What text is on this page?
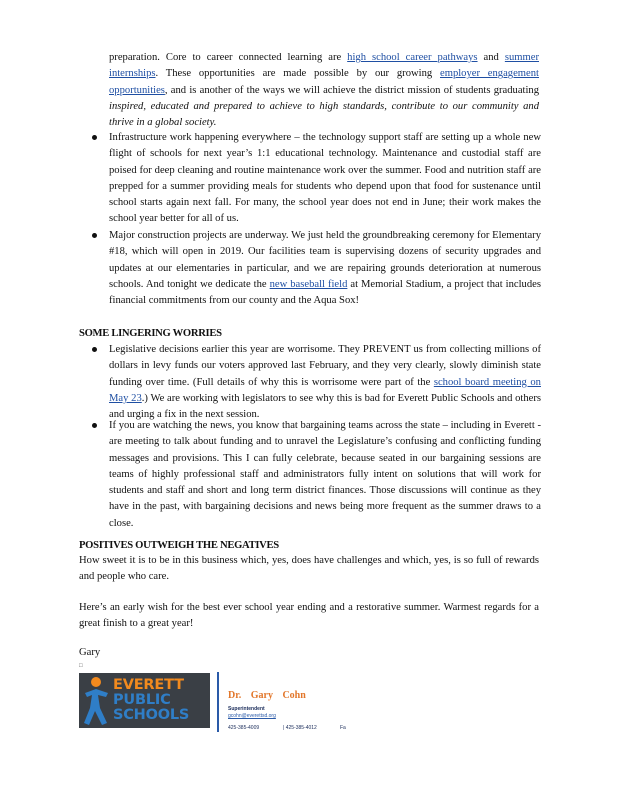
preparation. Core to career connected learning are high school career pathways and summer internships. These opportunities are made possible by our growing employer engagement opportunities, and is another of the ways we will achieve the district mission of students graduating inspired, educated and prepared to achieve to high standards, contribute to our community and thrive in a global society.

Infrastructure work happening everywhere – the technology support staff are setting up a whole new flight of schools for next year’s 1:1 educational technology. Maintenance and custodial staff are poised for deep cleaning and routine maintenance work over the summer. Food and nutrition staff are prepped for a summer providing meals for students who depend upon that food for sustenance until school starts again next fall. For many, the school year does not end in June; their work makes the school year better for all of us.

Major construction projects are underway. We just held the groundbreaking ceremony for Elementary #18, which will open in 2019. Our facilities team is supervising dozens of security upgrades and updates at our elementaries in particular, and we are repairing grounds deterioration at numerous schools. And tonight we dedicate the new baseball field at Memorial Stadium, a project that includes financial commitments from our county and the Aqua Sox!

SOME LINGERING WORRIES

Legislative decisions earlier this year are worrisome. They PREVENT us from collecting millions of dollars in levy funds our voters approved last February, and they very clearly, slowly diminish state funding over time. (Full details of why this is worrisome were part of the school board meeting on May 23.) We are working with legislators to see why this is bad for Everett Public Schools and others and urging a fix in the next session.

If you are watching the news, you know that bargaining teams across the state – including in Everett - are meeting to talk about funding and to unravel the Legislature’s confusing and conflicting funding messages and provisions. This I can fully celebrate, because seated in our bargaining sessions are teams of highly professional staff and administrators fully intent on solutions that will work for students and staff and short and long term district finances. Those discussions will continue as they have in the past, with bargaining decisions and news being more frequent as the summer draws to a close.

POSITIVES OUTWEIGH THE NEGATIVES

How sweet it is to be in this business which, yes, does have challenges and which, yes, is so full of rewards and people who care.

Here’s an early wish for the best ever school year ending and a restorative summer. Warmest regards for a great finish to a great year!

Gary

□
EVERETT
PUBLIC
SCHOOLS
Dr. Gary Cohn
Superintendent
gcohn@everettsd.org
425-385-4009	| 425-385-4012	Fa
